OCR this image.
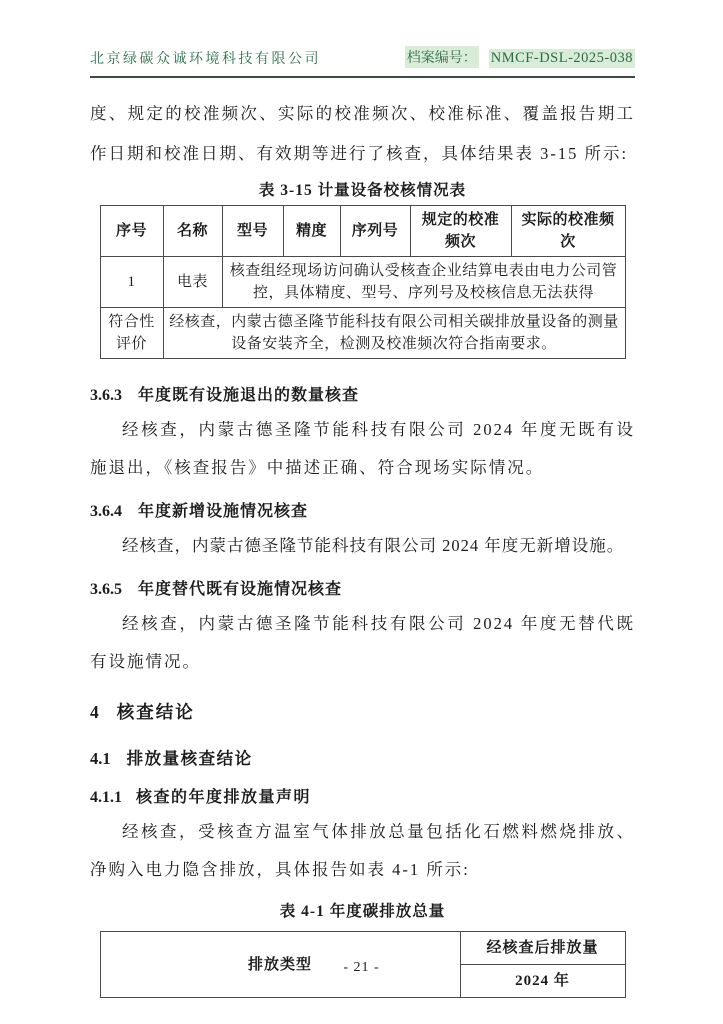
北京绿碳众诚环境科技有限公司	档案编号： NMCF-DSL-2025-038

度、规定的校准频次、实际的校准频次、校准标准、覆盖报告期工作日期和校准日期、有效期等进行了核查，具体结果表 3-15 所示:

表 3-15 计量设备校核情况表
序号	名称	型号	精度	序列号	规定的校准频次	实际的校准频次
1	电表	核查组经现场访问确认受核查企业结算电表由电力公司管控，具体精度、型号、序列号及校核信息无法获得				
符合性评价	经核查，内蒙古德圣隆节能科技有限公司相关碳排放量设备的测量设备安装齐全，检测及校准频次符合指南要求。					
3.6.3 年度既有设施退出的数量核查

经核查，内蒙古德圣隆节能科技有限公司 2024 年度无既有设施退出，《核查报告》中描述正确、符合现场实际情况。

3.6.4 年度新增设施情况核查

经核查，内蒙古德圣隆节能科技有限公司 2024 年度无新增设施。

3.6.5 年度替代既有设施情况核查

经核查，内蒙古德圣隆节能科技有限公司 2024 年度无替代既有设施情况。

4 核查结论
4.1 排放量核查结论
4.1.1 核查的年度排放量声明

经核查，受核查方温室气体排放总量包括化石燃料燃烧排放、净购入电力隐含排放，具体报告如表 4-1 所示:

表 4-1 年度碳排放总量
排放类型	经核查后排放量
2024 年
- 21 -
